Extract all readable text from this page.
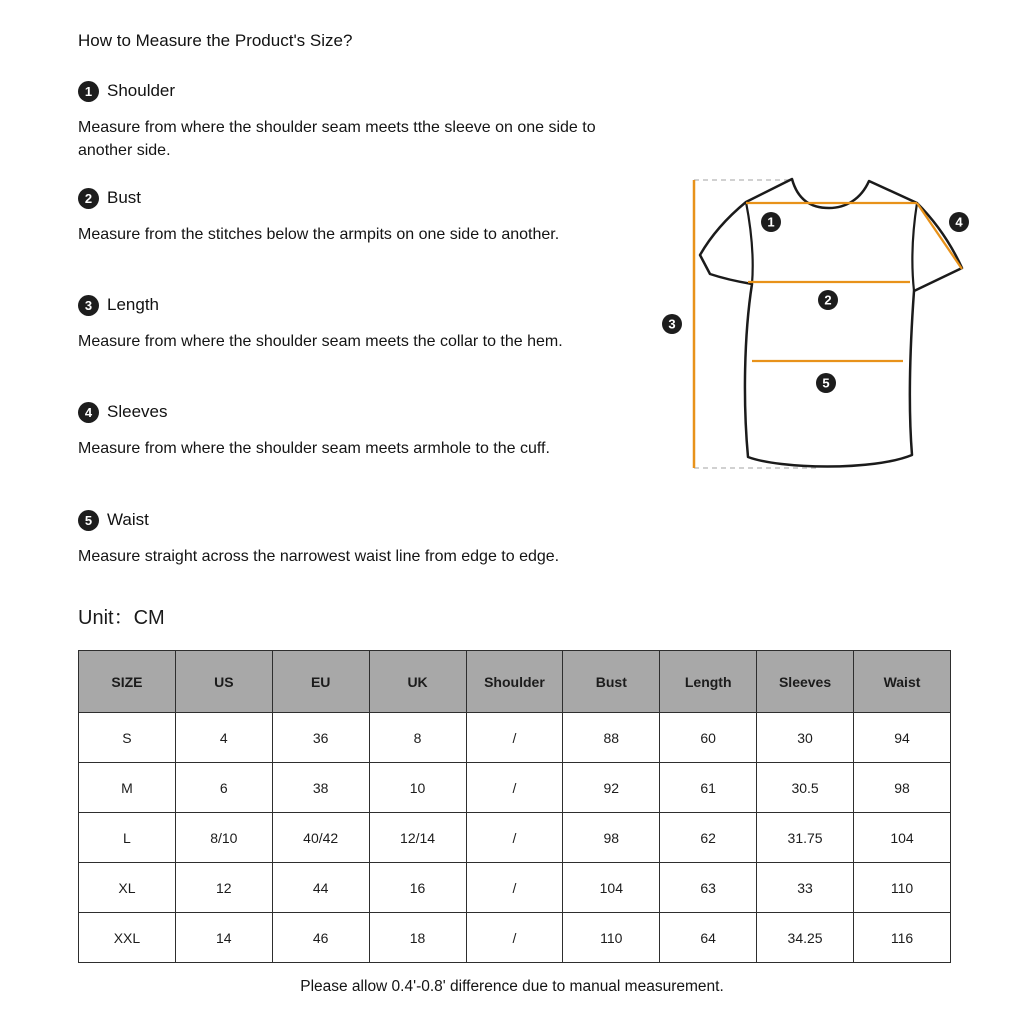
How to Measure the Product's Size?
1 Shoulder
Measure from where the shoulder seam meets tthe sleeve on one side to another side.
2 Bust
Measure from the stitches below the armpits on one side to another.
3 Length
Measure from where the shoulder seam meets the collar to the hem.
4 Sleeves
Measure from where the shoulder seam meets armhole to the cuff.
5 Waist
Measure straight across the narrowest waist line from edge to edge.
1
2
3
4
5
Unit：CM
SIZE	US	EU	UK	Shoulder	Bust	Length	Sleeves	Waist
S	4	36	8	/	88	60	30	94
M	6	38	10	/	92	61	30.5	98
L	8/10	40/42	12/14	/	98	62	31.75	104
XL	12	44	16	/	104	63	33	110
XXL	14	46	18	/	110	64	34.25	116
Please allow 0.4'-0.8' difference due to manual measurement.
